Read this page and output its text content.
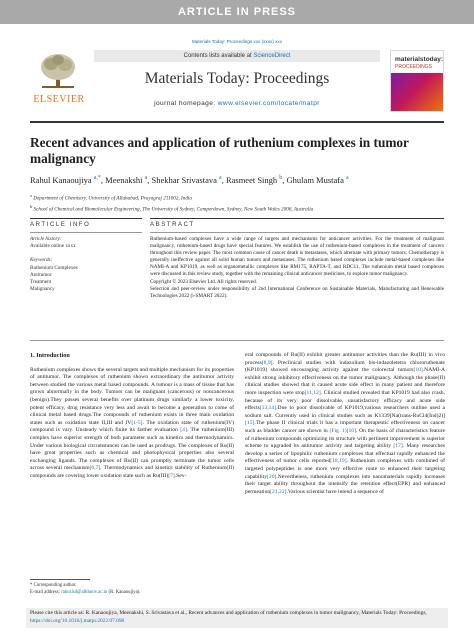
ARTICLE IN PRESS
Materials Today: Proceedings xxx (xxxx) xxx
ELSEVIER
Contents lists available at ScienceDirect
Materials Today: Proceedings
journal homepage: www.elsevier.com/locate/matpr
materialstoday:
PROCEEDINGS
Recent advances and application of ruthenium complexes in tumor malignancy
Rahul Kanaoujiya $^{a,*}$, Meenakshi $^a$, Shekhar Srivastava $^a$, Rasmeet Singh $^b$, Ghulam Mustafa $^a$
$^a$ Department of Chemistry, University of Allahabad, Prayagraj 211002, India
$^b$ School of Chemical and Biomolecular Engineering, The University of Sydney, Camperdown, Sydney, New South Wales 2006, Australia
ARTICLE INFO	ABSTRACT
Article history:
Available online xxxx
Keywords:
Ruthenium Complexes
Antitumor
Treatment
Malignancy

Ruthenium-based complexes have a wide range of targets and mechanisms for anticancer activities. For the treatment of malignant malignancy, ruthenium-based drugs have special features. We establish the use of ruthenium-based complexes in the treatment of cancers throughout this review paper. The most common cause of cancer death is metastases, which alternate with primary tumors. Chemotherapy is generally ineffective against all solid human tumors and metastases. The ruthenium based complexes include metal-based complexes like NAMI-A and KP1019, as well as organometallic complexes like RM175, RAPTA-T, and RDC11. The ruthenium metal based complexes were discussed in this review study, together with the remaining clinical anticancer medicines, to explore tumor malignancy.

Copyright © 2023 Elsevier Ltd. All rights reserved.

Selection and peer-review under responsibility of 2nd International Conference on Sustainable Materials, Manufacturing and Renewable Technologies 2022 (i-SMART 2022).

1. Introduction

Ruthenium complexes shows the several targets and multiple mechanism for its properties of antitumor. The complexes of ruthenium shown extraordinary the antitumor activity between studied the various metal based compounds. A tumour is a mass of tissue that has grown abnormally in the body. Tumors can be malignant (cancerous) or noncancerous (benign).They posses several benefits over platinum drugs similarly a lower toxicity, potent efficacy, drug resistance very less and await to become a generation to come of clinical metal based drugs.The compounds of ruthenium exists in three main oxidation states such as oxidation state II,III and IV[1-5]. The oxidation state of ruthenium(IV) compound is vary. Unsteady which finite its farther evaluation [4]. The ruthenium(III) complex have superior strength of both parameter such as kinetics and thermodynamics. Under various biological circumstances can be used as prodrugs. The complexes of Ru(II) have great properties such as chemical and photophysical properties also several exchanging ligands. The complexes of Ru(II) can promptly terminate the tumor cells across several mechanism[6,7]. Thermodynamics and kinetics stability of Ruthenium(II) compounds are covering lower oxidation state such as Ru(III)[7].Sev-

eral compounds of Ru(II) exhibit greater antitumor activities than the Ru(III) in vivo process[8,9]. Preclinical studies with indazolium bis-indazoletetra chlororuthenate (KP1019) showed encouraging activity against the colorectal tumors[10].NAMI-A exhibit strong inhibitory effectiveness on the tumor malignancy. Although the phase(II) clinical studies showed that it caused acute side effect in many patient and therefore more inspection were stop[11,12]. Clinical studied revealed that KP1019 had also crash, because of its very poor dissolvable, unsatisfactory efficacy and acute side effects[13,14].Due to poor dissolvable of KP1019,various researchers outline used a sodium salt. Currently used in clinical studies such as K1339[Na(trans-RuCl4(Ind)2)][15].The phase II clinical trials it has a important therapeutic effectiveness on cancer such as bladder cancer are shown in (Fig. 1)[16]. On the basis of characteristics feature of ruthenium compounds optimizing its structure with pertinent improvement is superior scheme to upgraded its antitumor activity and targeting ability [17]. Many researches develop a series of lipophilic ruthenium complexes that effectual rapidly enhanced the effectiveness of tumor cells reported[18,19]. Ruthenium complexes with combined of targeted polypeptides is one more very effective route to enhanced their targeting capability[20].Nevertheless, ruthenium complexes into nanomaterials rapidly increases their target ability throughout the intensify the retention effect(EPR) and enhanced permeation[21,22].Various scientist have intend a sequence of

* Corresponding author.
E-mail address: rahul.kd@allduniv.ac.in (R. Kanaoujiya).
Please cite this article as: R. Kanaoujiya, Meenakshi, S. Srivastava et al., Recent advances and application of ruthenium complexes in tumor malignancy, Materials Today: Proceedings, https://doi.org/10.1016/j.matpr.2022.07.098
